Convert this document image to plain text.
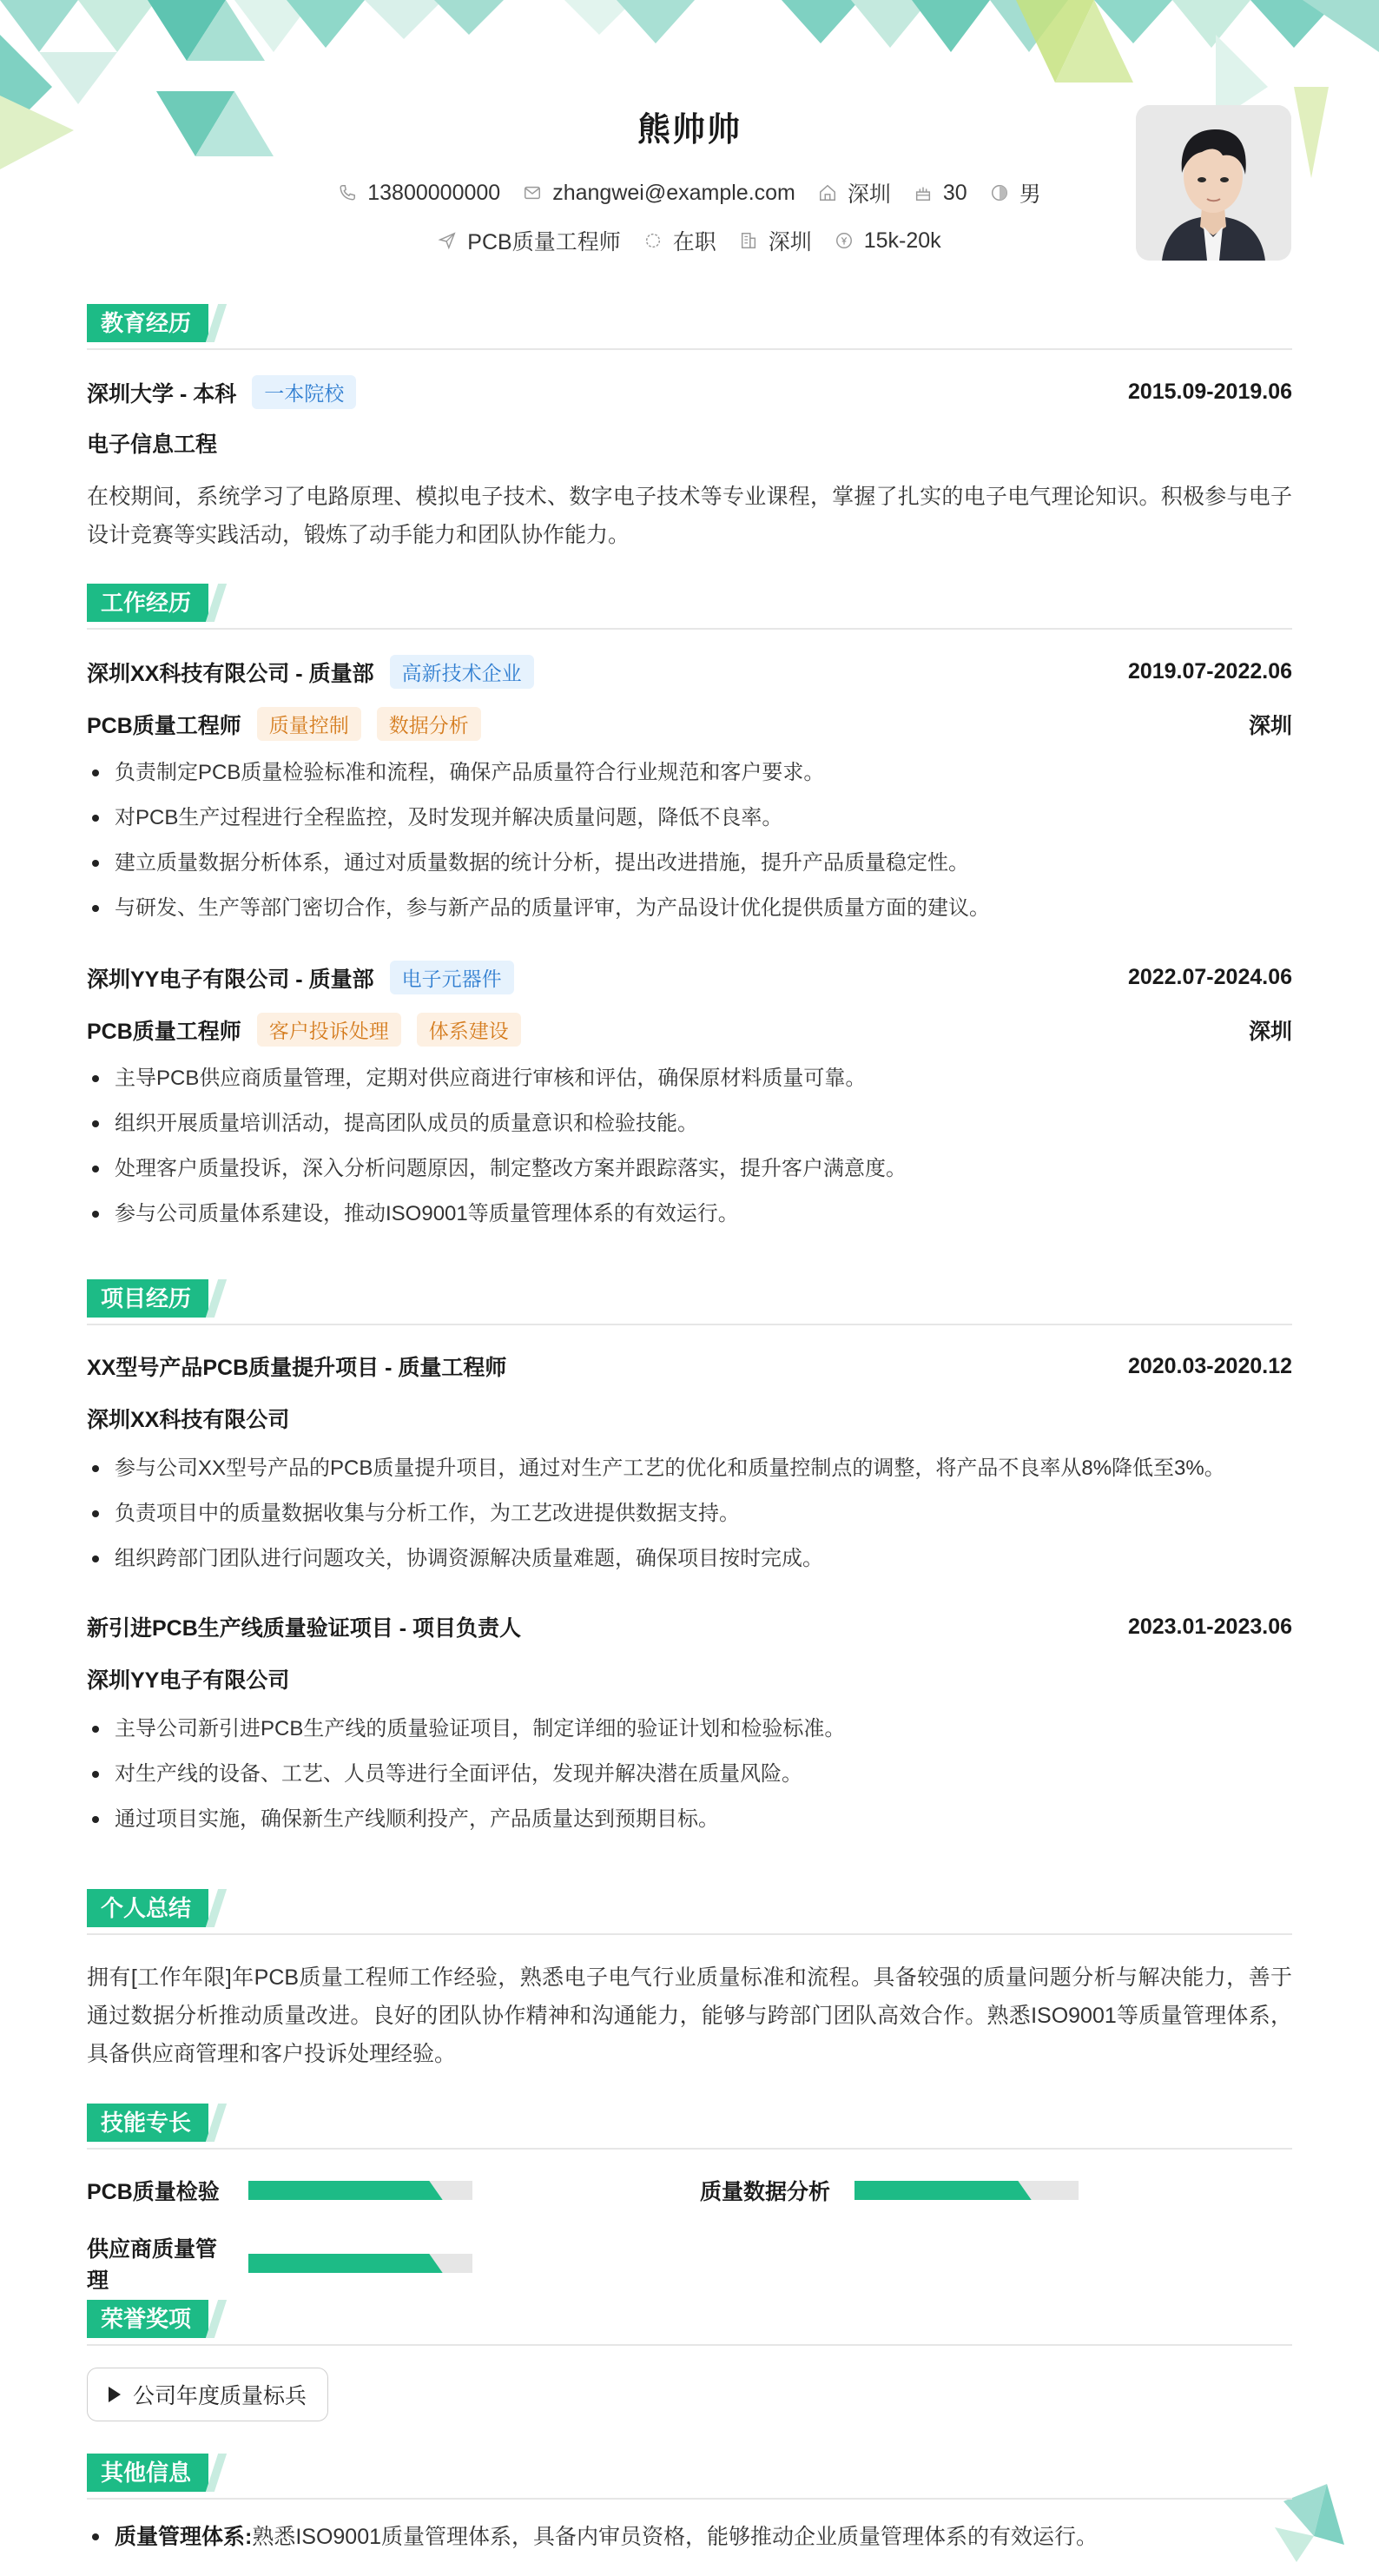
熊帅帅
13800000000 zhangwei@example.com 深圳 30 男
PCB质量工程师 在职 深圳 15k-20k
教育经历
深圳大学 - 本科	一本院校	2015.09-2019.06
电子信息工程
在校期间，系统学习了电路原理、模拟电子技术、数字电子技术等专业课程，掌握了扎实的电子电气理论知识。积极参与电子设计竞赛等实践活动，锻炼了动手能力和团队协作能力。
工作经历
深圳XX科技有限公司 - 质量部	高新技术企业	2019.07-2022.06
PCB质量工程师	质量控制	数据分析	深圳
负责制定PCB质量检验标准和流程，确保产品质量符合行业规范和客户要求。
对PCB生产过程进行全程监控，及时发现并解决质量问题，降低不良率。
建立质量数据分析体系，通过对质量数据的统计分析，提出改进措施，提升产品质量稳定性。
与研发、生产等部门密切合作，参与新产品的质量评审，为产品设计优化提供质量方面的建议。
深圳YY电子有限公司 - 质量部	电子元器件	2022.07-2024.06
PCB质量工程师	客户投诉处理	体系建设	深圳
主导PCB供应商质量管理，定期对供应商进行审核和评估，确保原材料质量可靠。
组织开展质量培训活动，提高团队成员的质量意识和检验技能。
处理客户质量投诉，深入分析问题原因，制定整改方案并跟踪落实，提升客户满意度。
参与公司质量体系建设，推动ISO9001等质量管理体系的有效运行。
项目经历
XX型号产品PCB质量提升项目 - 质量工程师	2020.03-2020.12
深圳XX科技有限公司
参与公司XX型号产品的PCB质量提升项目，通过对生产工艺的优化和质量控制点的调整，将产品不良率从8%降低至3%。
负责项目中的质量数据收集与分析工作，为工艺改进提供数据支持。
组织跨部门团队进行问题攻关，协调资源解决质量难题，确保项目按时完成。
新引进PCB生产线质量验证项目 - 项目负责人	2023.01-2023.06
深圳YY电子有限公司
主导公司新引进PCB生产线的质量验证项目，制定详细的验证计划和检验标准。
对生产线的设备、工艺、人员等进行全面评估，发现并解决潜在质量风险。
通过项目实施，确保新生产线顺利投产，产品质量达到预期目标。
个人总结
拥有[工作年限]年PCB质量工程师工作经验，熟悉电子电气行业质量标准和流程。具备较强的质量问题分析与解决能力，善于通过数据分析推动质量改进。良好的团队协作精神和沟通能力，能够与跨部门团队高效合作。熟悉ISO9001等质量管理体系，具备供应商管理和客户投诉处理经验。
技能专长
PCB质量检验	质量数据分析
供应商质量管理
荣誉奖项
公司年度质量标兵
其他信息
质量管理体系:熟悉ISO9001质量管理体系，具备内审员资格，能够推动企业质量管理体系的有效运行。
